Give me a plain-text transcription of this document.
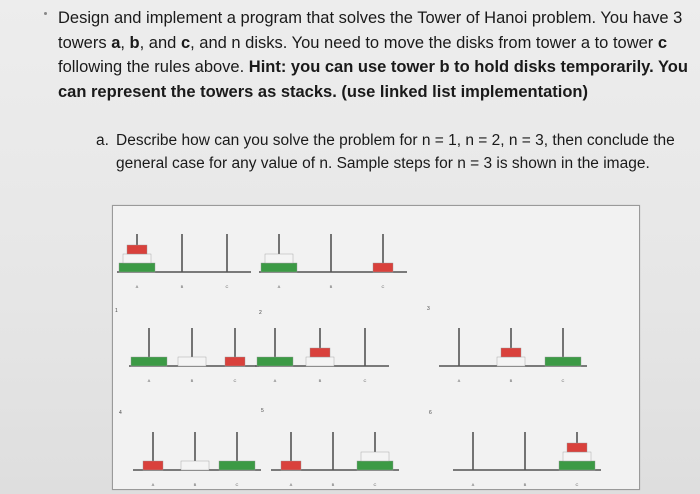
Design and implement a program that solves the Tower of Hanoi problem. You have 3 towers a, b, and c, and n disks. You need to move the disks from tower a to tower c following the rules above. Hint: you can use tower b to hold disks temporarily. You can represent the towers as stacks. (use linked list implementation)

a. Describe how can you solve the problem for n = 1, n = 2, n = 3, then conclude the general case for any value of n. Sample steps for n = 3 is shown in the image.
A	B	C	A	B	C
A	B	C	A	B	C	A	B	C
A	B	C	A	B	C	A	B	C
1	2
3
4	5	6
